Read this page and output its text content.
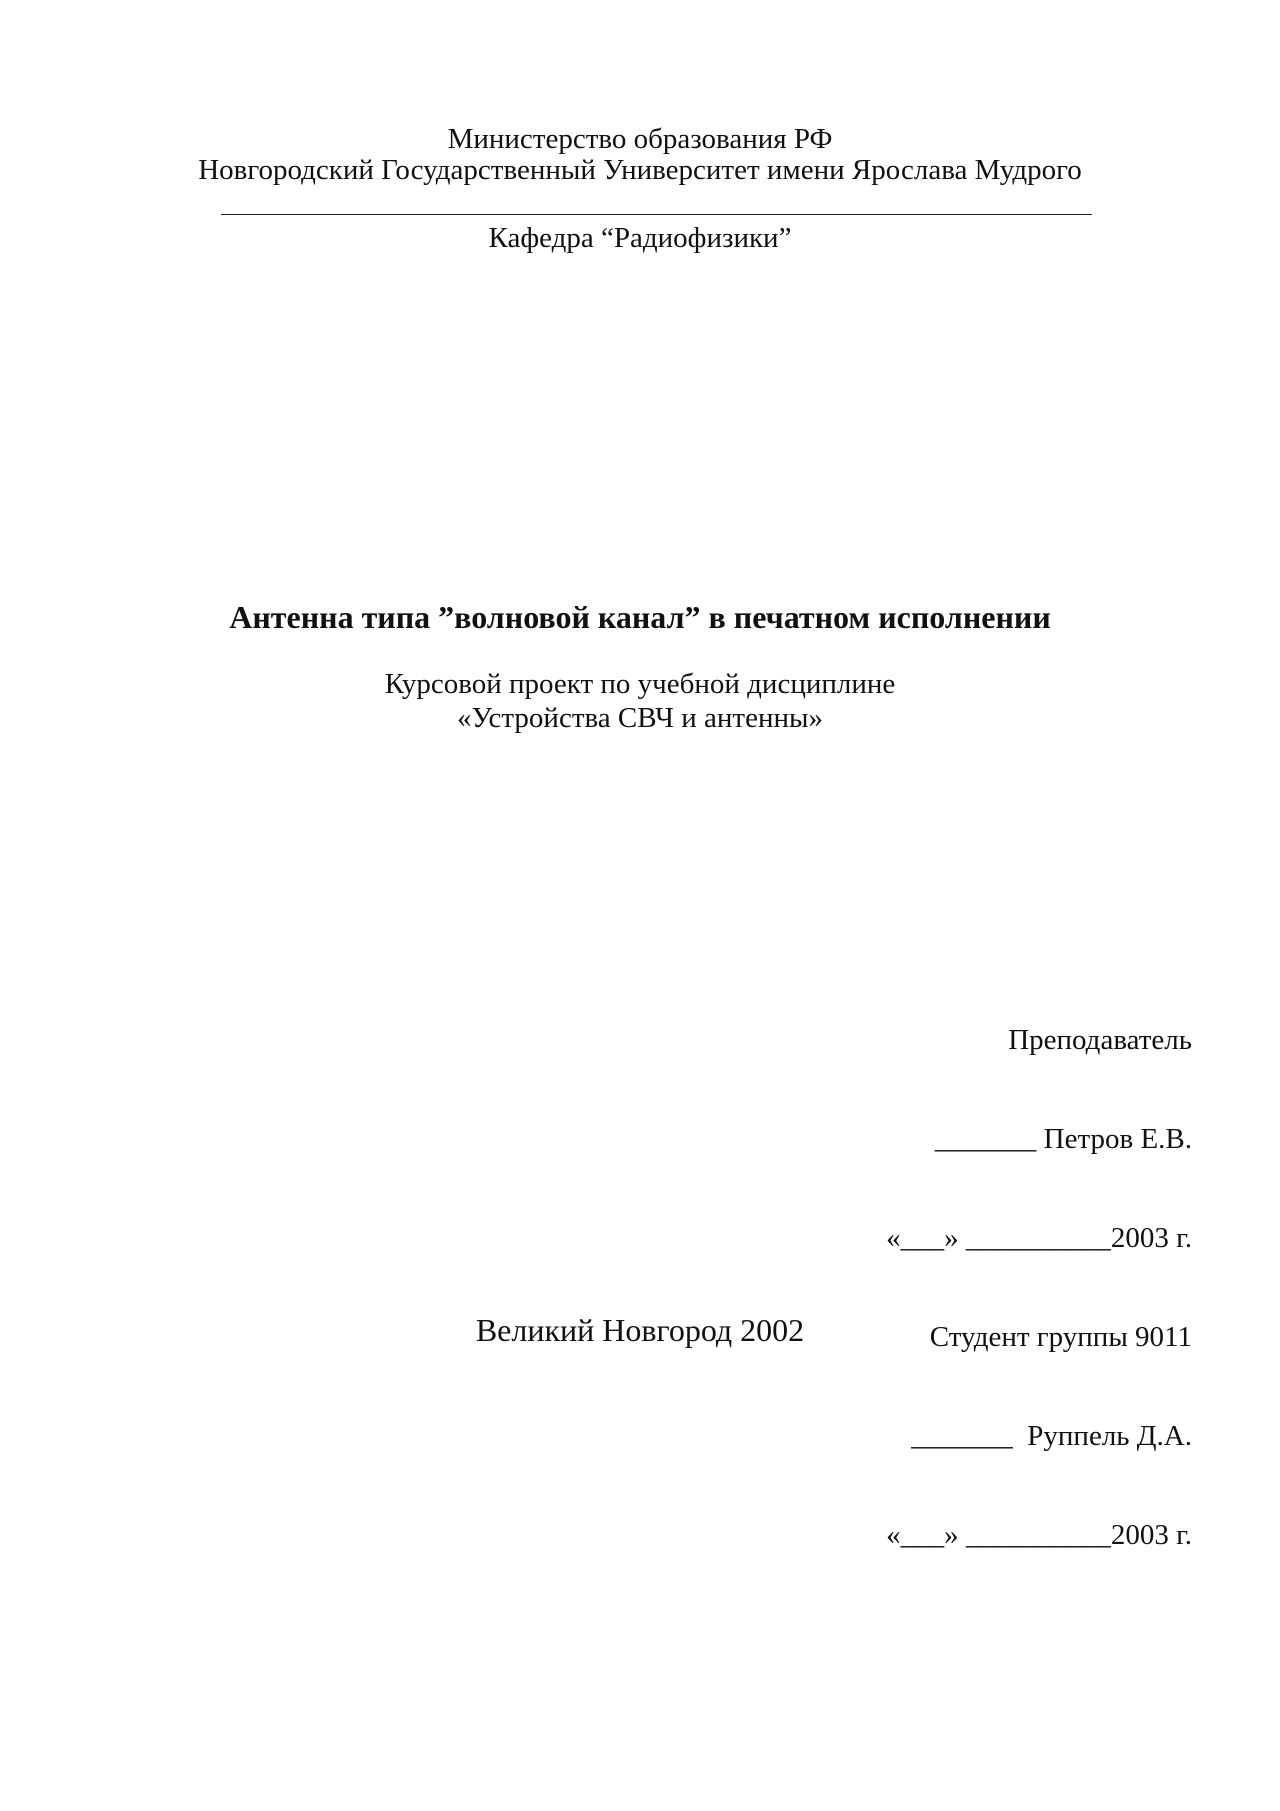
Министерство образования РФ
Новгородский Государственный Университет имени Ярослава Мудрого
Кафедра “Радиофизики”
Антенна типа ”волновой канал” в печатном исполнении
Курсовой проект по учебной дисциплине
«Устройства СВЧ и антенны»

Преподаватель

_______ Петров Е.В.

«___» __________2003 г.

Студент группы 9011

_______  Руппель Д.А.

«___» __________2003 г.

Великий Новгород 2002
